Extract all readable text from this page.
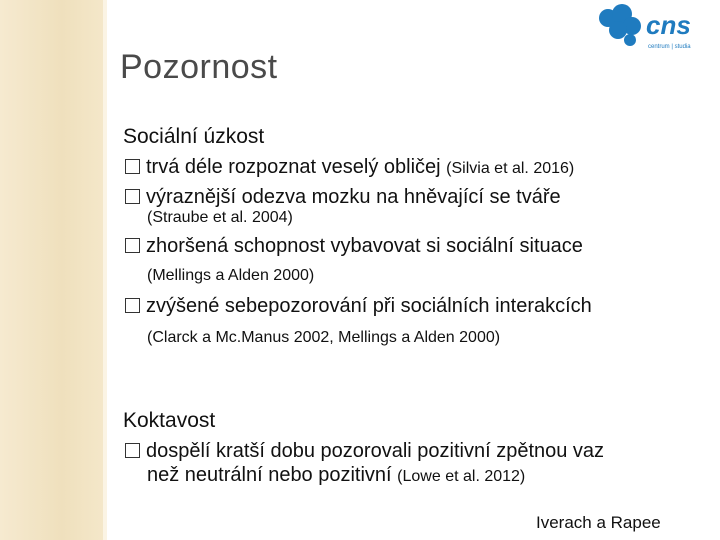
Pozornost
cns
centrum | studia
Sociální úzkost
trvá déle rozpoznat veselý obličej (Silvia et al. 2016)
výraznější odezva mozku na hněvající se tváře
(Straube et al. 2004)
zhoršená schopnost vybavovat si sociální situace
(Mellings a Alden 2000)
zvýšené sebepozorování při sociálních interakcích
(Clarck a Mc.Manus 2002, Mellings a Alden 2000)
Koktavost
dospělí kratší dobu pozorovali pozitivní zpětnou vaz
než neutrální nebo pozitivní (Lowe et al. 2012)
Iverach a Rapee
